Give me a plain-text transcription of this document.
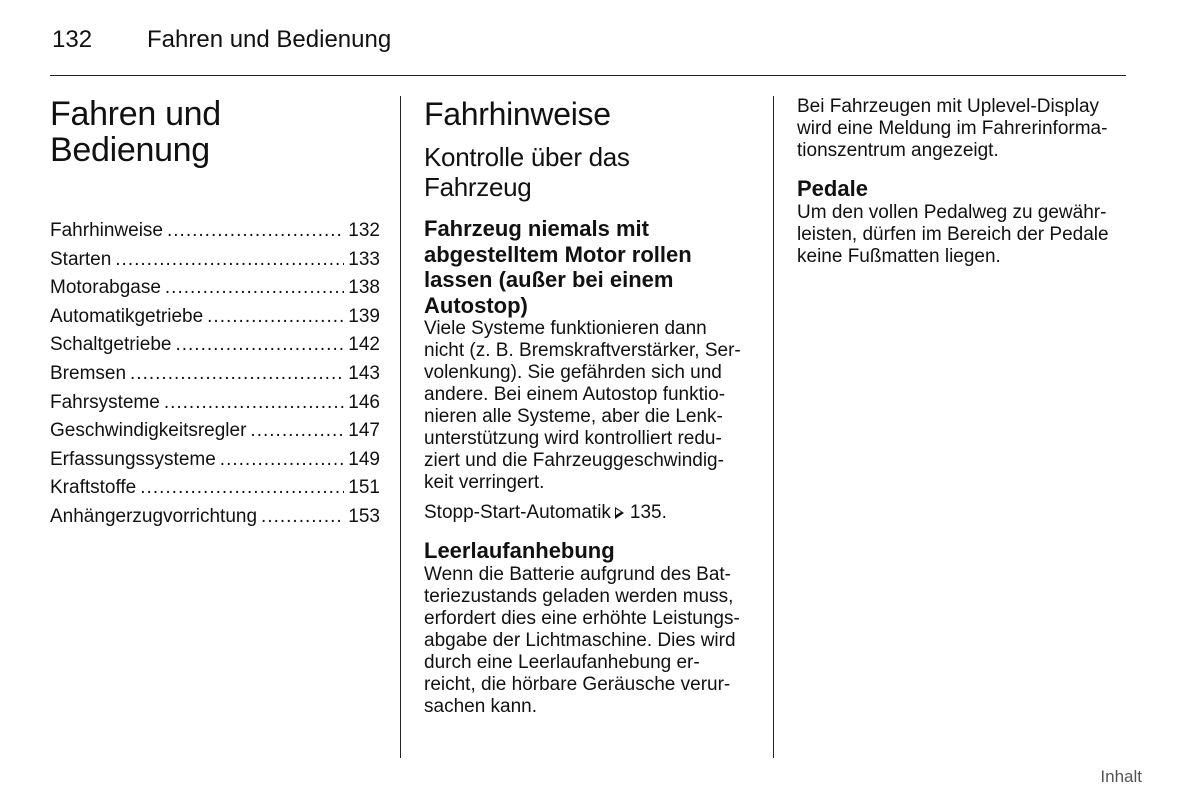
132 Fahren und Bedienung
Fahren und
Bedienung
Fahrhinweise .....	132
Starten .....	133
Motorabgase .....	138
Automatikgetriebe .....	139
Schaltgetriebe .....	142
Bremsen .....	143
Fahrsysteme .....	146
Geschwindigkeitsregler .....	147
Erfassungssysteme .....	149
Kraftstoffe .....	151
Anhängerzugvorrichtung .....	153
Fahrhinweise
Kontrolle über das
Fahrzeug
Fahrzeug niemals mit
abgestelltem Motor rollen
lassen (außer bei einem
Autostop)
Viele Systeme funktionieren dann
nicht (z. B. Bremskraftverstärker, Ser-
volenkung). Sie gefährden sich und
andere. Bei einem Autostop funktio-
nieren alle Systeme, aber die Lenk-
unterstützung wird kontrolliert redu-
ziert und die Fahrzeuggeschwindig-
keit verringert.
Stopp-Start-Automatik 135.
Leerlaufanhebung
Wenn die Batterie aufgrund des Bat-
teriezustands geladen werden muss,
erfordert dies eine erhöhte Leistungs-
abgabe der Lichtmaschine. Dies wird
durch eine Leerlaufanhebung er-
reicht, die hörbare Geräusche verur-
sachen kann.
Bei Fahrzeugen mit Uplevel-Display
wird eine Meldung im Fahrerinforma-
tionszentrum angezeigt.
Pedale
Um den vollen Pedalweg zu gewähr-
leisten, dürfen im Bereich der Pedale
keine Fußmatten liegen.
Inhalt
